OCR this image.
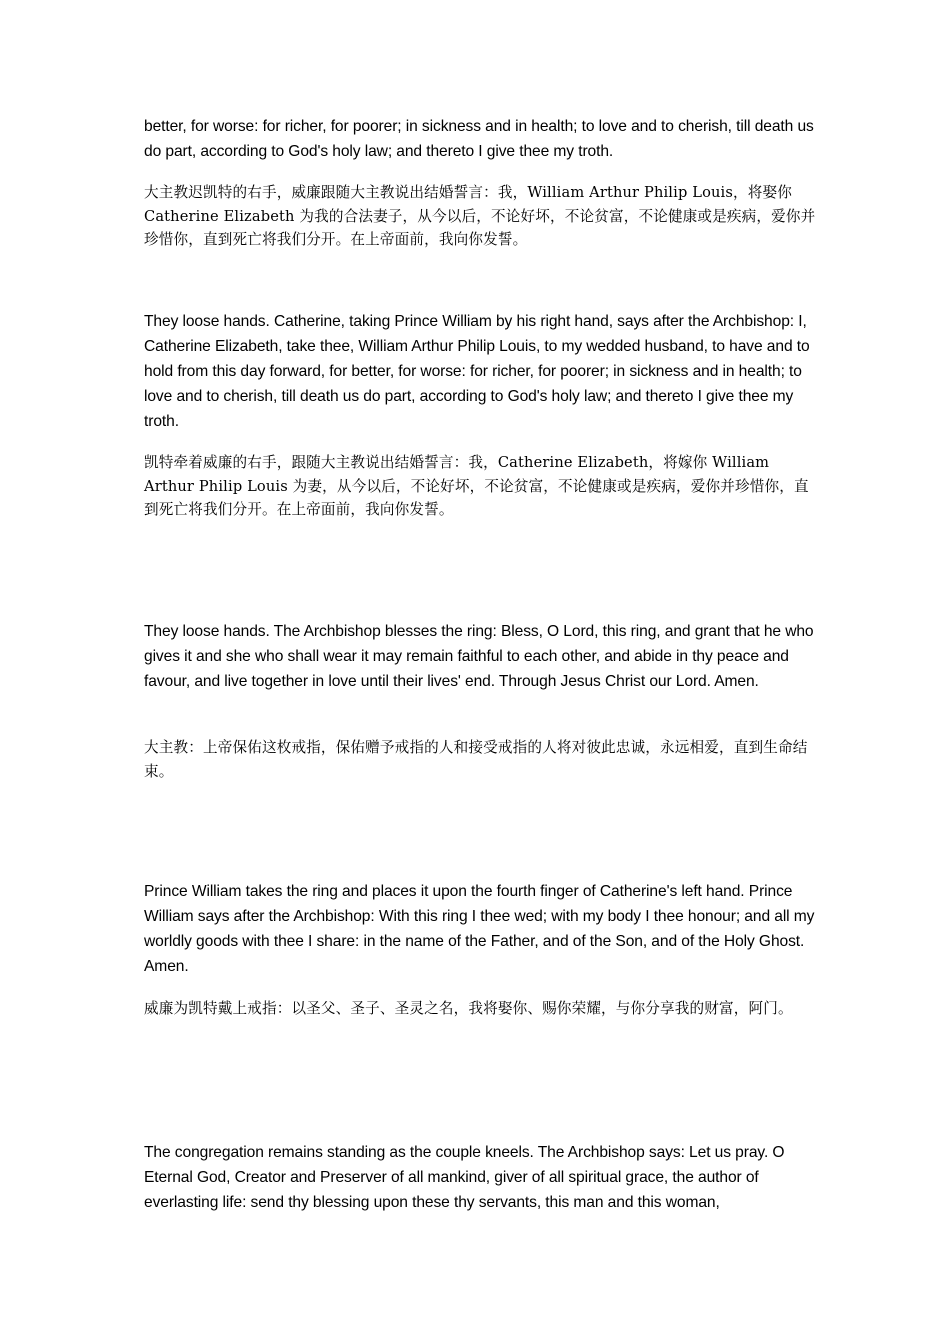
better, for worse: for richer, for poorer; in sickness and in health; to love and to cherish, till death us do part, according to God's holy law; and thereto I give thee my troth.

大主教迟凯特的右手，威廉跟随大主教说出结婚誓言：我，William Arthur Philip Louis，将娶你 Catherine Elizabeth 为我的合法妻子，从今以后，不论好坏，不论贫富，不论健康或是疾病，爱你并珍惜你，直到死亡将我们分开。在上帝面前，我向你发誓。

They loose hands. Catherine, taking Prince William by his right hand, says after the Archbishop: I, Catherine Elizabeth, take thee, William Arthur Philip Louis, to my wedded husband, to have and to hold from this day forward, for better, for worse: for richer, for poorer; in sickness and in health; to love and to cherish, till death us do part, according to God's holy law; and thereto I give thee my troth.

凯特牵着威廉的右手，跟随大主教说出结婚誓言：我，Catherine Elizabeth，将嫁你 William Arthur Philip Louis 为妻，从今以后，不论好坏，不论贫富，不论健康或是疾病，爱你并珍惜你，直到死亡将我们分开。在上帝面前，我向你发誓。

They loose hands. The Archbishop blesses the ring: Bless, O Lord, this ring, and grant that he who gives it and she who shall wear it may remain faithful to each other, and abide in thy peace and favour, and live together in love until their lives' end. Through Jesus Christ our Lord. Amen.

大主教：上帝保佑这枚戒指，保佑赠予戒指的人和接受戒指的人将对彼此忠诚，永远相爱，直到生命结束。

Prince William takes the ring and places it upon the fourth finger of Catherine's left hand. Prince William says after the Archbishop: With this ring I thee wed; with my body I thee honour; and all my worldly goods with thee I share: in the name of the Father, and of the Son, and of the Holy Ghost. Amen.

威廉为凯特戴上戒指：以圣父、圣子、圣灵之名，我将娶你、赐你荣耀，与你分享我的财富，阿门。

The congregation remains standing as the couple kneels. The Archbishop says: Let us pray. O Eternal God, Creator and Preserver of all mankind, giver of all spiritual grace, the author of everlasting life: send thy blessing upon these thy servants, this man and this woman,
